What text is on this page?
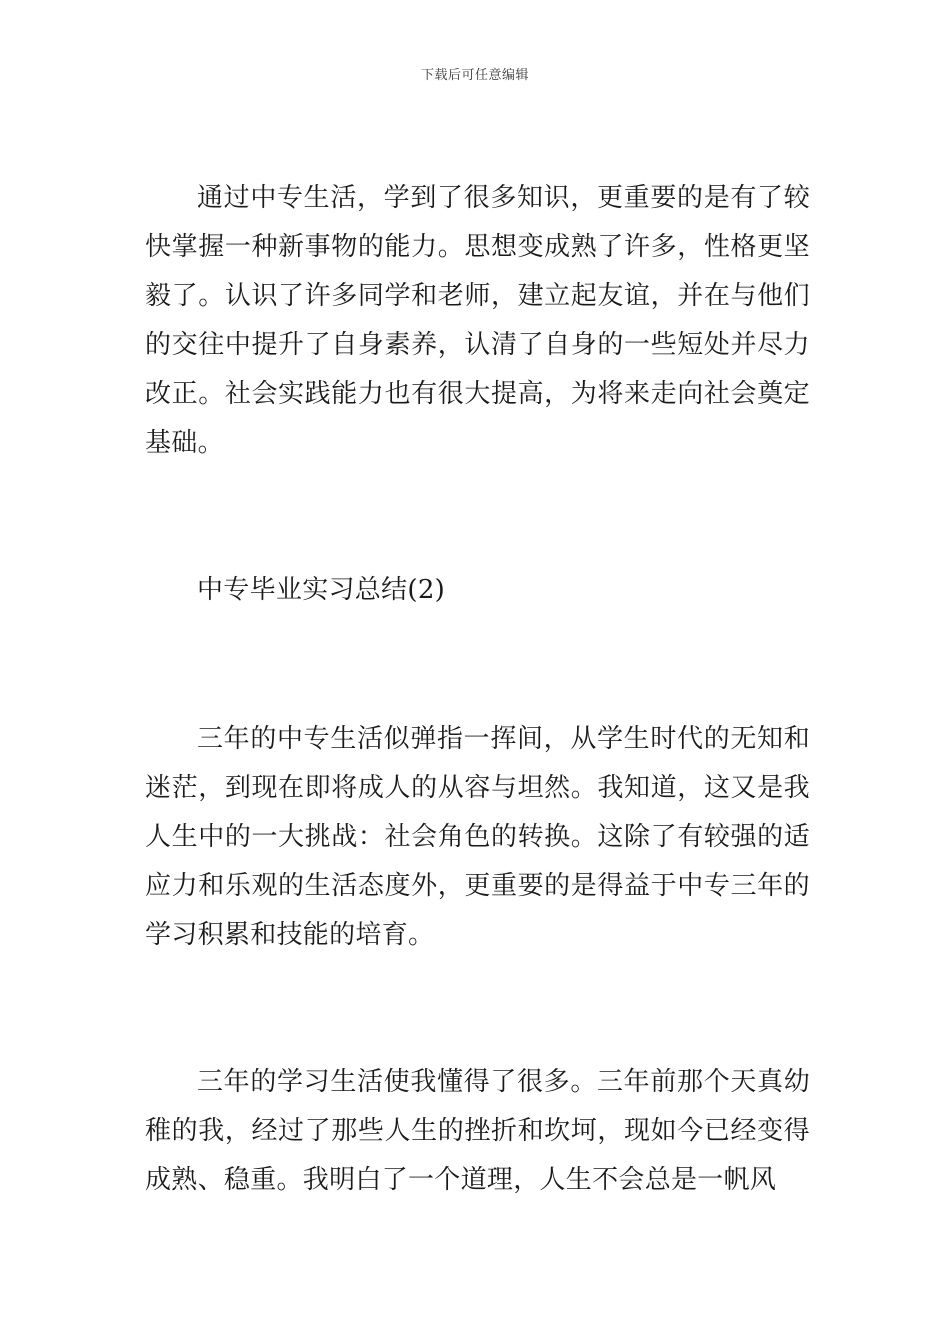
下载后可任意编辑

通过中专生活，学到了很多知识，更重要的是有了较快掌握一种新事物的能力。思想变成熟了许多，性格更坚毅了。认识了许多同学和老师，建立起友谊，并在与他们的交往中提升了自身素养，认清了自身的一些短处并尽力改正。社会实践能力也有很大提高，为将来走向社会奠定基础。

中专毕业实习总结(2)

三年的中专生活似弹指一挥间，从学生时代的无知和迷茫，到现在即将成人的从容与坦然。我知道，这又是我人生中的一大挑战：社会角色的转换。这除了有较强的适应力和乐观的生活态度外，更重要的是得益于中专三年的学习积累和技能的培育。

三年的学习生活使我懂得了很多。三年前那个天真幼稚的我，经过了那些人生的挫折和坎坷，现如今已经变得成熟、稳重。我明白了一个道理，人生不会总是一帆风
